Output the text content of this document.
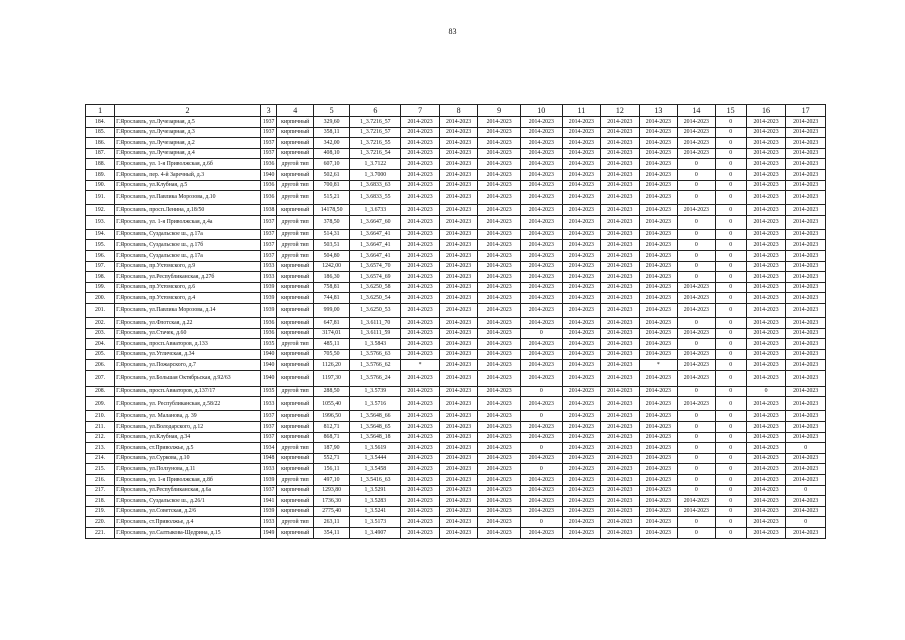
83
1	2	3	4	5	6	7	8	9	10	11	12	13	14	15	16	17
184.	Г.Ярославль, ул.Лучезарная, д.5	1937	кирпичный	329,60	1_3.7216_57	2014-2023	2014-2023	2014-2023	2014-2023	2014-2023	2014-2023	2014-2023	2014-2023	0	2014-2023	2014-2023
185.	Г.Ярославль, ул.Лучезарная, д.3	1937	кирпичный	358,11	1_3.7216_57	2014-2023	2014-2023	2014-2023	2014-2023	2014-2023	2014-2023	2014-2023	2014-2023	0	2014-2023	2014-2023
186.	Г.Ярославль, ул.Лучезарная, д.2	1937	кирпичный	342,00	1_3.7216_55	2014-2023	2014-2023	2014-2023	2014-2023	2014-2023	2014-2023	2014-2023	2014-2023	0	2014-2023	2014-2023
187.	Г.Ярославль, ул.Лучезарная, д.4	1937	кирпичный	408,10	1_3.7216_54	2014-2023	2014-2023	2014-2023	2014-2023	2014-2023	2014-2023	2014-2023	2014-2023	0	2014-2023	2014-2023
188.	Г.Ярославль, ул. 1-я Приволжская, д.6б	1936	другой тип	607,10	1_3.7122	2014-2023	2014-2023	2014-2023	2014-2023	2014-2023	2014-2023	2014-2023	0	0	2014-2023	2014-2023
189.	Г.Ярославль, пер. 4-й Заречный, д.3	1940	кирпичный	502,61	1_3.7000	2014-2023	2014-2023	2014-2023	2014-2023	2014-2023	2014-2023	2014-2023	0	0	2014-2023	2014-2023
190.	Г.Ярославль, ул.Клубная, д.5	1936	другой тип	700,81	1_3.6833_63	2014-2023	2014-2023	2014-2023	2014-2023	2014-2023	2014-2023	2014-2023	0	0	2014-2023	2014-2023
191.	Г.Ярославль, ул.Павлика Морозова, д.10	1936	другой тип	515,21	1_3.6833_55	2014-2023	2014-2023	2014-2023	2014-2023	2014-2023	2014-2023	2014-2023	0	0	2014-2023	2014-2023
192.	Г.Ярославль, просп.Ленина, д.18/50	1938	кирпичный	14178,50	1_3.6733	2014-2023	2014-2023	2014-2023	2014-2023	2014-2023	2014-2023	2014-2023	2014-2023	0	2014-2023	2014-2023
193.	Г.Ярославль, ул. 1-я Приволжская, д.4а	1937	другой тип	378,50	1_3.6647_60	2014-2023	2014-2023	2014-2023	2014-2023	2014-2023	2014-2023	2014-2023	0	0	2014-2023	2014-2023
194.	Г.Ярославль, Суздальское ш., д.17а	1937	другой тип	514,31	1_3.6647_41	2014-2023	2014-2023	2014-2023	2014-2023	2014-2023	2014-2023	2014-2023	0	0	2014-2023	2014-2023
195.	Г.Ярославль, Суздальское ш., д.17б	1937	другой тип	503,51	1_3.6647_41	2014-2023	2014-2023	2014-2023	2014-2023	2014-2023	2014-2023	2014-2023	0	0	2014-2023	2014-2023
196.	Г.Ярославль, Суздальское ш., д.17а	1937	другой тип	504,80	1_3.6647_41	2014-2023	2014-2023	2014-2023	2014-2023	2014-2023	2014-2023	2014-2023	0	0	2014-2023	2014-2023
197.	Г.Ярославль, пр.Ухтомского, д.9	1933	кирпичный	1242,00	1_3.6574_70	2014-2023	2014-2023	2014-2023	2014-2023	2014-2023	2014-2023	2014-2023	0	0	2014-2023	2014-2023
198.	Г.Ярославль, ул.Республиканская, д.27б	1933	кирпичный	186,30	1_3.6574_69	2014-2023	2014-2023	2014-2023	2014-2023	2014-2023	2014-2023	2014-2023	0	0	2014-2023	2014-2023
199.	Г.Ярославль, пр.Ухтомского, д.6	1939	кирпичный	758,81	1_3.6250_58	2014-2023	2014-2023	2014-2023	2014-2023	2014-2023	2014-2023	2014-2023	2014-2023	0	2014-2023	2014-2023
200.	Г.Ярославль, пр.Ухтомского, д.4	1939	кирпичный	744,81	1_3.6250_54	2014-2023	2014-2023	2014-2023	2014-2023	2014-2023	2014-2023	2014-2023	2014-2023	0	2014-2023	2014-2023
201.	Г.Ярославль, ул.Павлика Морозова, д.14	1939	кирпичный	999,00	1_3.6250_53	2014-2023	2014-2023	2014-2023	2014-2023	2014-2023	2014-2023	2014-2023	2014-2023	0	2014-2023	2014-2023
202.	Г.Ярославль, ул.Флотская, д.22	1936	кирпичный	647,81	1_3.6111_70	2014-2023	2014-2023	2014-2023	2014-2023	2014-2023	2014-2023	2014-2023	0	0	2014-2023	2014-2023
203.	Г.Ярославль, ул.Стачек, д.60	1936	кирпичный	3174,01	1_3.6111_59	2014-2023	2014-2023	2014-2023	0	2014-2023	2014-2023	2014-2023	2014-2023	0	2014-2023	2014-2023
204.	Г.Ярославль, просп.Авиаторов, д.133	1935	другой тип	485,11	1_3.5843	2014-2023	2014-2023	2014-2023	2014-2023	2014-2023	2014-2023	2014-2023	0	0	2014-2023	2014-2023
205.	Г.Ярославль, ул.Угличская, д.34	1940	кирпичный	705,50	1_3.5766_63	2014-2023	2014-2023	2014-2023	2014-2023	2014-2023	2014-2023	2014-2023	2014-2023	0	2014-2023	2014-2023
206.	Г.Ярославль, ул.Пожарского, д.7	1940	кирпичный	1126,20	1_3.5766_62	*	2014-2023	2014-2023	2014-2023	2014-2023	2014-2023	*	2014-2023	0	2014-2023	2014-2023
207.	Г.Ярославль, ул.Большая Октябрьская, д.92/63	1940	кирпичный	1197,30	1_3.5766_24	2014-2023	2014-2023	2014-2023	2014-2023	2014-2023	2014-2023	2014-2023	2014-2023	0	2014-2023	2014-2023
208.	Г.Ярославль, просп.Авиаторов, д.137/17	1935	другой тип	288,50	1_3.5739	2014-2023	2014-2023	2014-2023	0	2014-2023	2014-2023	2014-2023	0	0	0	2014-2023
209.	Г.Ярославль, ул. Республиканская, д.58/22	1933	кирпичный	1055,40	1_3.5716	2014-2023	2014-2023	2014-2023	2014-2023	2014-2023	2014-2023	2014-2023	2014-2023	0	2014-2023	2014-2023
210.	Г.Ярославль, ул. Маланова, д. 39	1937	кирпичный	1996,50	1_3.5648_66	2014-2023	2014-2023	2014-2023	0	2014-2023	2014-2023	2014-2023	0	0	2014-2023	2014-2023
211.	Г.Ярославль, ул.Володарского, д.12	1937	кирпичный	812,71	1_3.5648_65	2014-2023	2014-2023	2014-2023	2014-2023	2014-2023	2014-2023	2014-2023	0	0	2014-2023	2014-2023
212.	Г.Ярославль, ул.Клубная, д.34	1937	кирпичный	868,71	1_3.5648_18	2014-2023	2014-2023	2014-2023	2014-2023	2014-2023	2014-2023	2014-2023	0	0	2014-2023	2014-2023
213.	Г.Ярославль, ст.Приволжье, д.5	1934	другой тип	187,90	1_3.5619	2014-2023	2014-2023	2014-2023	0	2014-2023	2014-2023	2014-2023	0	0	2014-2023	0
214.	Г.Ярославль, ул.Суркова, д.10	1948	кирпичный	552,71	1_3.5444	2014-2023	2014-2023	2014-2023	2014-2023	2014-2023	2014-2023	2014-2023	0	0	2014-2023	2014-2023
215.	Г.Ярославль, ул.Ползунова, д.11	1933	кирпичный	156,11	1_3.5458	2014-2023	2014-2023	2014-2023	0	2014-2023	2014-2023	2014-2023	0	0	2014-2023	2014-2023
216.	Г.Ярославль, ул. 1-я Приволжская, д.8б	1939	другой тип	497,10	1_3.5416_63	2014-2023	2014-2023	2014-2023	2014-2023	2014-2023	2014-2023	2014-2023	0	0	2014-2023	2014-2023
217.	Г.Ярославль, ул.Республиканская, д.6а	1937	кирпичный	1293,80	1_3.5291	2014-2023	2014-2023	2014-2023	2014-2023	2014-2023	2014-2023	2014-2023	0	0	2014-2023	0
218.	Г.Ярославль, Суздальское ш., д.26/1	1941	кирпичный	1736,30	1_3.5283	2014-2023	2014-2023	2014-2023	2014-2023	2014-2023	2014-2023	2014-2023	2014-2023	0	2014-2023	2014-2023
219.	Г.Ярославль, ул.Советская, д.2/6	1939	кирпичный	2775,40	1_3.5241	2014-2023	2014-2023	2014-2023	2014-2023	2014-2023	2014-2023	2014-2023	2014-2023	0	2014-2023	2014-2023
220.	Г.Ярославль, ст.Приволжье, д.4	1933	другой тип	263,11	1_3.5173	2014-2023	2014-2023	2014-2023	0	2014-2023	2014-2023	2014-2023	0	0	2014-2023	0
221.	Г.Ярославль, ул.Салтыкова-Щедрина, д.15	1949	кирпичный	354,11	1_3.4907	2014-2023	2014-2023	2014-2023	2014-2023	2014-2023	2014-2023	2014-2023	0	0	2014-2023	2014-2023
